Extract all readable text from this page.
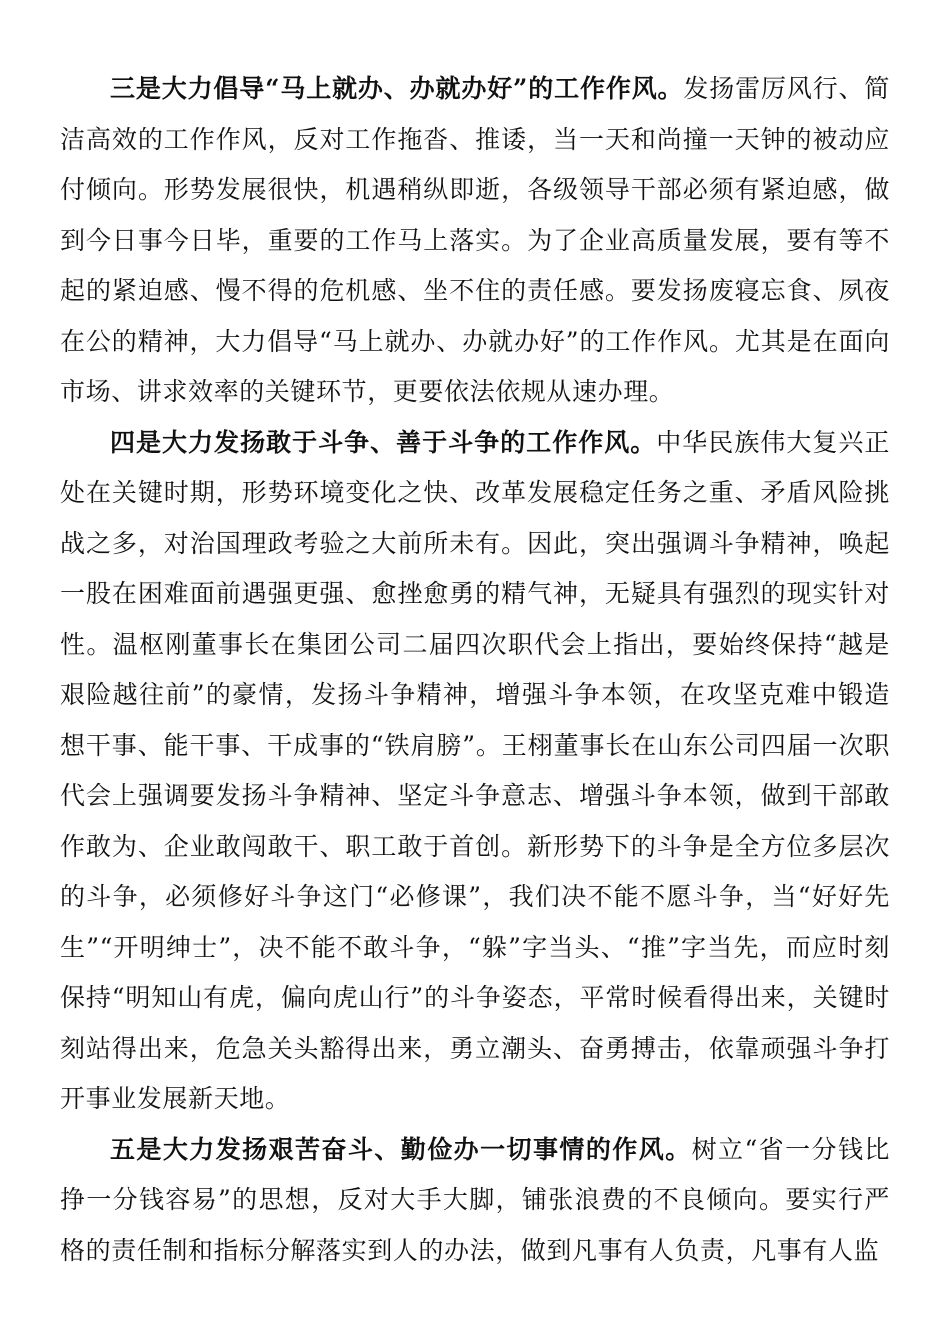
三是大力倡导“马上就办、办就办好”的工作作风。发扬雷厉风行、简洁高效的工作作风，反对工作拖沓、推诿，当一天和尚撞一天钟的被动应付倾向。形势发展很快，机遇稍纵即逝，各级领导干部必须有紧迫感，做到今日事今日毕，重要的工作马上落实。为了企业高质量发展，要有等不起的紧迫感、慢不得的危机感、坐不住的责任感。要发扬废寝忘食、夙夜在公的精神，大力倡导“马上就办、办就办好”的工作作风。尤其是在面向市场、讲求效率的关键环节，更要依法依规从速办理。

四是大力发扬敢于斗争、善于斗争的工作作风。中华民族伟大复兴正处在关键时期，形势环境变化之快、改革发展稳定任务之重、矛盾风险挑战之多，对治国理政考验之大前所未有。因此，突出强调斗争精神，唤起一股在困难面前遇强更强、愈挫愈勇的精气神，无疑具有强烈的现实针对性。温枢刚董事长在集团公司二届四次职代会上指出，要始终保持“越是艰险越往前”的豪情，发扬斗争精神，增强斗争本领，在攻坚克难中锻造想干事、能干事、干成事的“铁肩膀”。王栩董事长在山东公司四届一次职代会上强调要发扬斗争精神、坚定斗争意志、增强斗争本领，做到干部敢作敢为、企业敢闯敢干、职工敢于首创。新形势下的斗争是全方位多层次的斗争，必须修好斗争这门“必修课”，我们决不能不愿斗争，当“好好先生”“开明绅士”，决不能不敢斗争，“躲”字当头、“推”字当先，而应时刻保持“明知山有虎，偏向虎山行”的斗争姿态，平常时候看得出来，关键时刻站得出来，危急关头豁得出来，勇立潮头、奋勇搏击，依靠顽强斗争打开事业发展新天地。

五是大力发扬艰苦奋斗、勤俭办一切事情的作风。树立“省一分钱比挣一分钱容易”的思想，反对大手大脚，铺张浪费的不良倾向。要实行严格的责任制和指标分解落实到人的办法，做到凡事有人负责，凡事有人监
